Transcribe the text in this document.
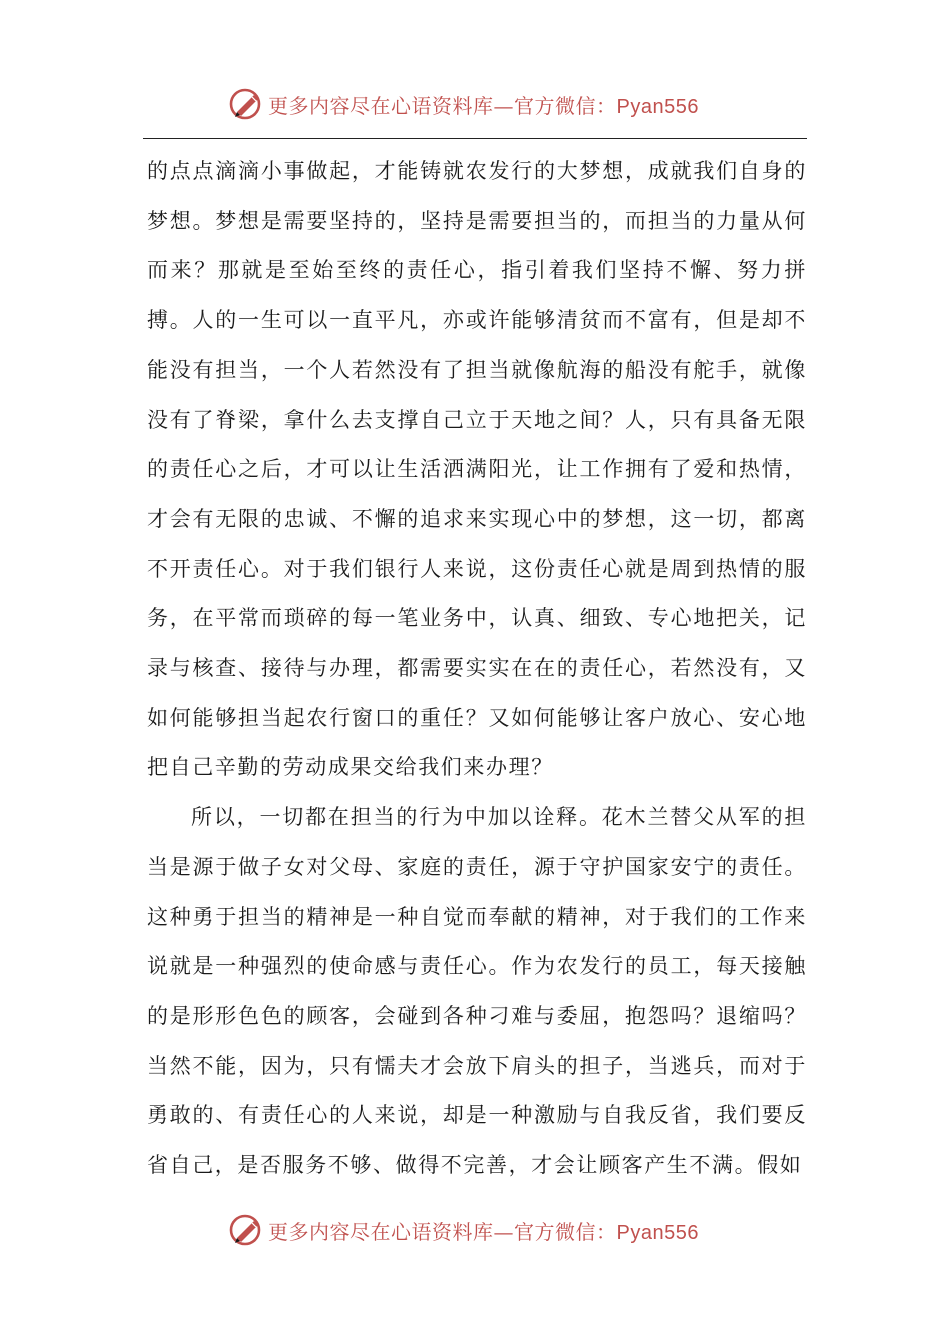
更多内容尽在心语资料库—官方微信：Pyan556

的点点滴滴小事做起，才能铸就农发行的大梦想，成就我们自身的梦想。梦想是需要坚持的，坚持是需要担当的，而担当的力量从何而来？那就是至始至终的责任心，指引着我们坚持不懈、努力拼搏。人的一生可以一直平凡，亦或许能够清贫而不富有，但是却不能没有担当，一个人若然没有了担当就像航海的船没有舵手，就像没有了脊梁，拿什么去支撑自己立于天地之间？人，只有具备无限的责任心之后，才可以让生活洒满阳光，让工作拥有了爱和热情，才会有无限的忠诚、不懈的追求来实现心中的梦想，这一切，都离不开责任心。对于我们银行人来说，这份责任心就是周到热情的服务，在平常而琐碎的每一笔业务中，认真、细致、专心地把关，记录与核查、接待与办理，都需要实实在在的责任心，若然没有，又如何能够担当起农行窗口的重任？又如何能够让客户放心、安心地把自己辛勤的劳动成果交给我们来办理？

所以，一切都在担当的行为中加以诠释。花木兰替父从军的担当是源于做子女对父母、家庭的责任，源于守护国家安宁的责任。这种勇于担当的精神是一种自觉而奉献的精神，对于我们的工作来说就是一种强烈的使命感与责任心。作为农发行的员工，每天接触的是形形色色的顾客，会碰到各种刁难与委屈，抱怨吗？退缩吗？当然不能，因为，只有懦夫才会放下肩头的担子，当逃兵，而对于勇敢的、有责任心的人来说，却是一种激励与自我反省，我们要反省自己，是否服务不够、做得不完善，才会让顾客产生不满。假如

更多内容尽在心语资料库—官方微信：Pyan556
